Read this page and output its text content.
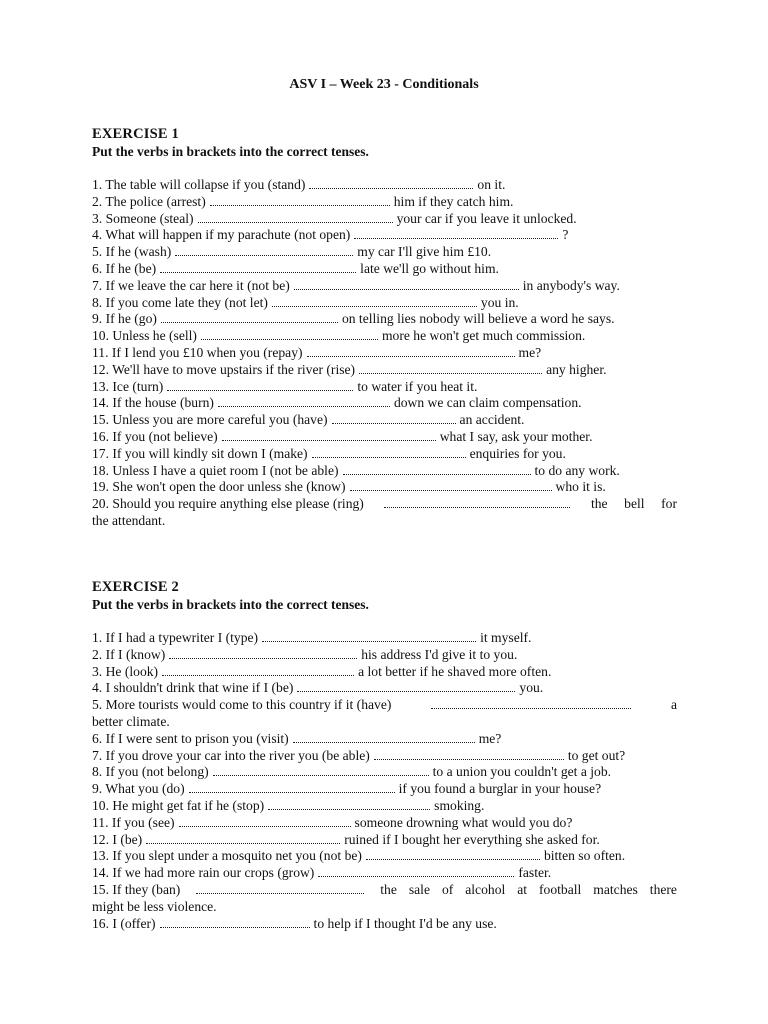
ASV I – Week 23 - Conditionals
EXERCISE 1
Put the verbs in brackets into the correct tenses.
1. The table will collapse if you (stand)	on it.
2. The police (arrest)	him if they catch him.
3. Someone (steal)	your car if you leave it unlocked.
4. What will happen if my parachute (not open)	?
5. If he (wash)	my car I'll give him £10.
6. If he (be)	late we'll go without him.
7. If we leave the car here it (not be)	in anybody's way.
8. If you come late they (not let)	you in.
9. If he (go)	on telling lies nobody will believe a word he says.
10. Unless he (sell)	more he won't get much commission.
11. If I lend you £10 when you (repay)	me?
12. We'll have to move upstairs if the river (rise)	any higher.
13. Ice (turn)	to water if you heat it.
14. If the house (burn)	down we can claim compensation.
15. Unless you are more careful you (have)	an accident.
16. If you (not believe)	what I say, ask your mother.
17. If you will kindly sit down I (make)	enquiries for you.
18. Unless I have a quiet room I (not be able)	to do any work.
19. She won't open the door unless she (know)	who it is.
20. Should you require anything else please (ring)	the bell for
the attendant.
EXERCISE 2
Put the verbs in brackets into the correct tenses.
1. If I had a typewriter I (type)	it myself.
2. If I (know)	his address I'd give it to you.
3. He (look)	a lot better if he shaved more often.
4. I shouldn't drink that wine if I (be)	you.
5. More tourists would come to this country if it (have)	a
better climate.
6. If I were sent to prison you (visit)	me?
7. If you drove your car into the river you (be able)	to get out?
8. If you (not belong)	to a union you couldn't get a job.
9. What you (do)	if you found a burglar in your house?
10. He might get fat if he (stop)	smoking.
11. If you (see)	someone drowning what would you do?
12. I (be)	ruined if I bought her everything she asked for.
13. If you slept under a mosquito net you (not be)	bitten so often.
14. If we had more rain our crops (grow)	faster.
15. If they (ban)	the sale of alcohol at football matches there
might be less violence.
16. I (offer)	to help if I thought I'd be any use.
